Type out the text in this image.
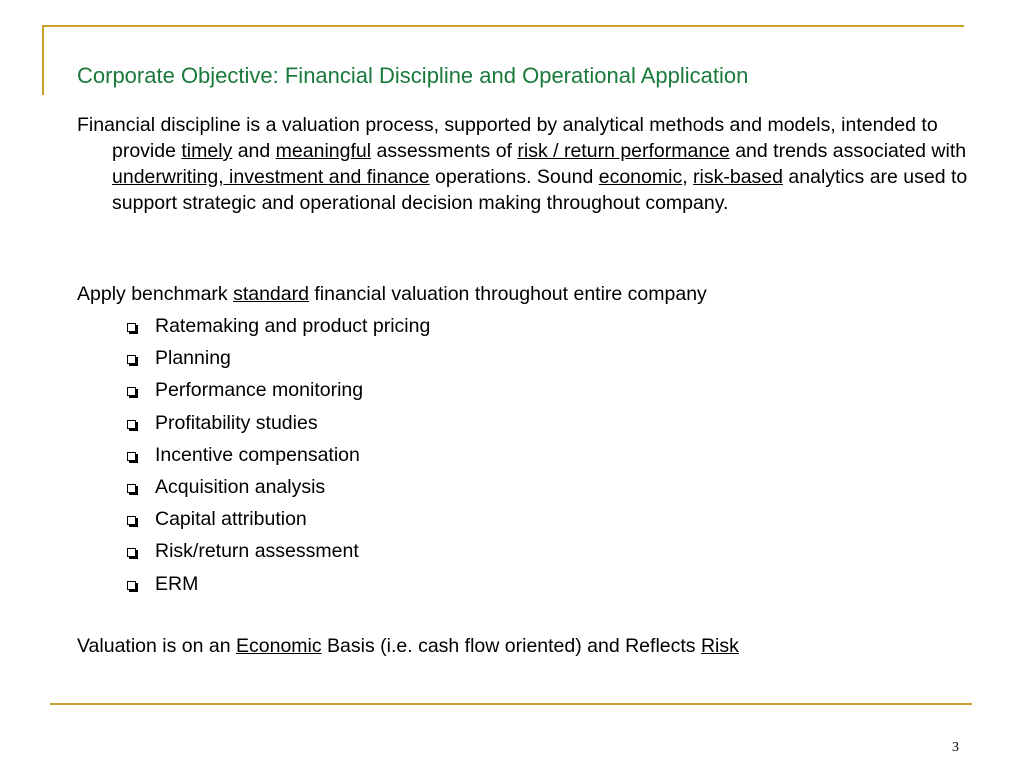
Corporate Objective: Financial Discipline and Operational Application
Financial discipline is a valuation process, supported by analytical methods and models, intended to provide timely and meaningful assessments of risk / return performance and trends associated with underwriting, investment and finance operations. Sound economic, risk-based analytics are used to support strategic and operational decision making throughout company.
Apply benchmark standard financial valuation throughout entire company
Ratemaking and product pricing
Planning
Performance monitoring
Profitability studies
Incentive compensation
Acquisition analysis
Capital attribution
Risk/return assessment
ERM
Valuation is on an Economic Basis (i.e. cash flow oriented) and Reflects Risk
3
